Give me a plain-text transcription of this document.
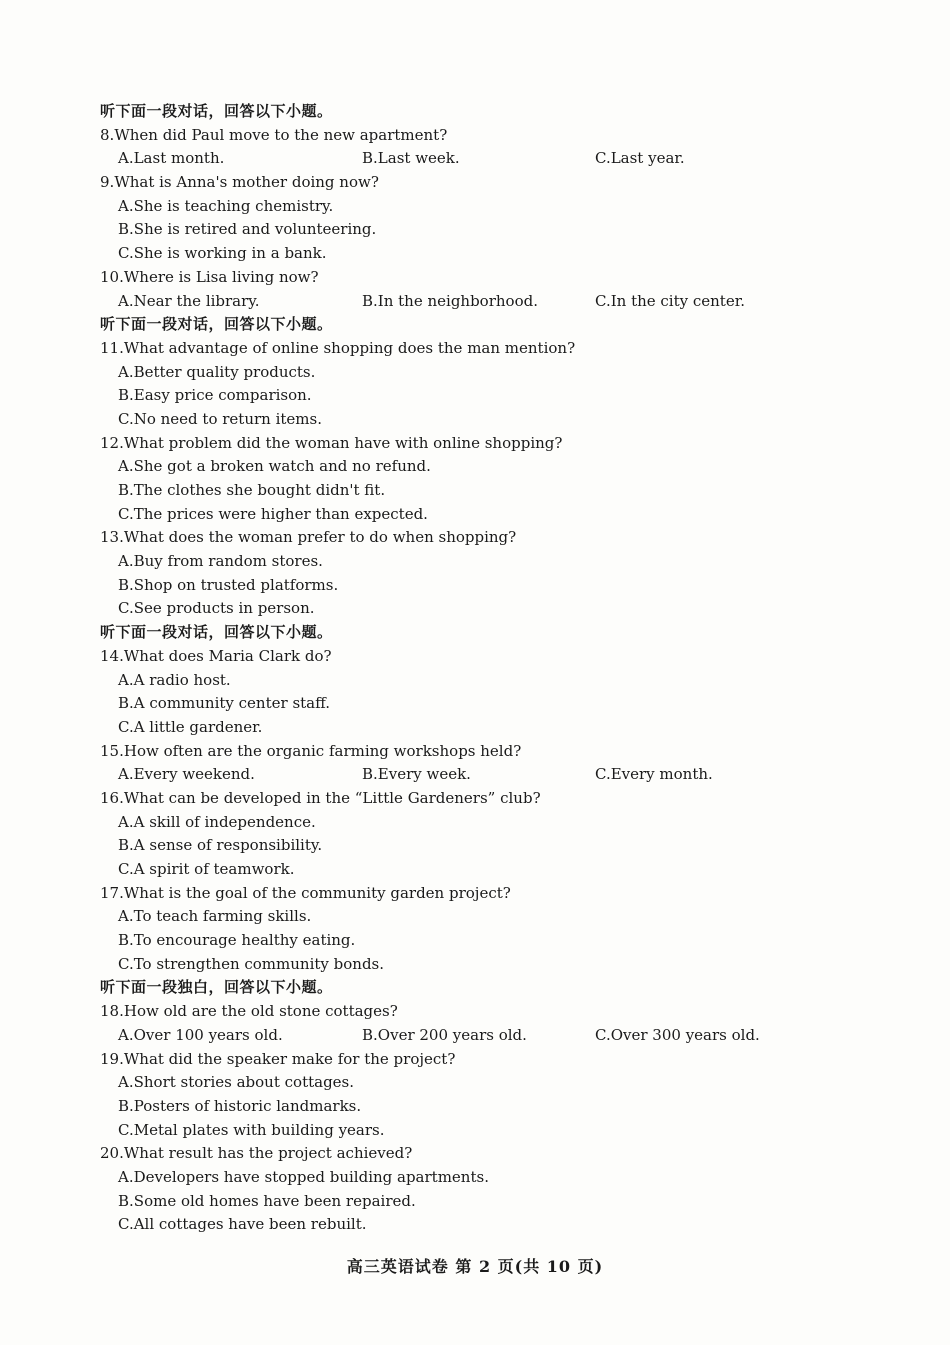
听下面一段对话，回答以下小题。
8.When did Paul move to the new apartment?
A.Last month.	B.Last week.	C.Last year.
9.What is Anna's mother doing now?
A.She is teaching chemistry.
B.She is retired and volunteering.
C.She is working in a bank.
10.Where is Lisa living now?
A.Near the library.	B.In the neighborhood.	C.In the city center.
听下面一段对话，回答以下小题。
11.What advantage of online shopping does the man mention?
A.Better quality products.
B.Easy price comparison.
C.No need to return items.
12.What problem did the woman have with online shopping?
A.She got a broken watch and no refund.
B.The clothes she bought didn't fit.
C.The prices were higher than expected.
13.What does the woman prefer to do when shopping?
A.Buy from random stores.
B.Shop on trusted platforms.
C.See products in person.
听下面一段对话，回答以下小题。
14.What does Maria Clark do?
A.A radio host.
B.A community center staff.
C.A little gardener.
15.How often are the organic farming workshops held?
A.Every weekend.	B.Every week.	C.Every month.
16.What can be developed in the “Little Gardeners” club?
A.A skill of independence.
B.A sense of responsibility.
C.A spirit of teamwork.
17.What is the goal of the community garden project?
A.To teach farming skills.
B.To encourage healthy eating.
C.To strengthen community bonds.
听下面一段独白，回答以下小题。
18.How old are the old stone cottages?
A.Over 100 years old.	B.Over 200 years old.	C.Over 300 years old.
19.What did the speaker make for the project?
A.Short stories about cottages.
B.Posters of historic landmarks.
C.Metal plates with building years.
20.What result has the project achieved?
A.Developers have stopped building apartments.
B.Some old homes have been repaired.
C.All cottages have been rebuilt.
高三英语试卷 第 2 页(共 10 页)
